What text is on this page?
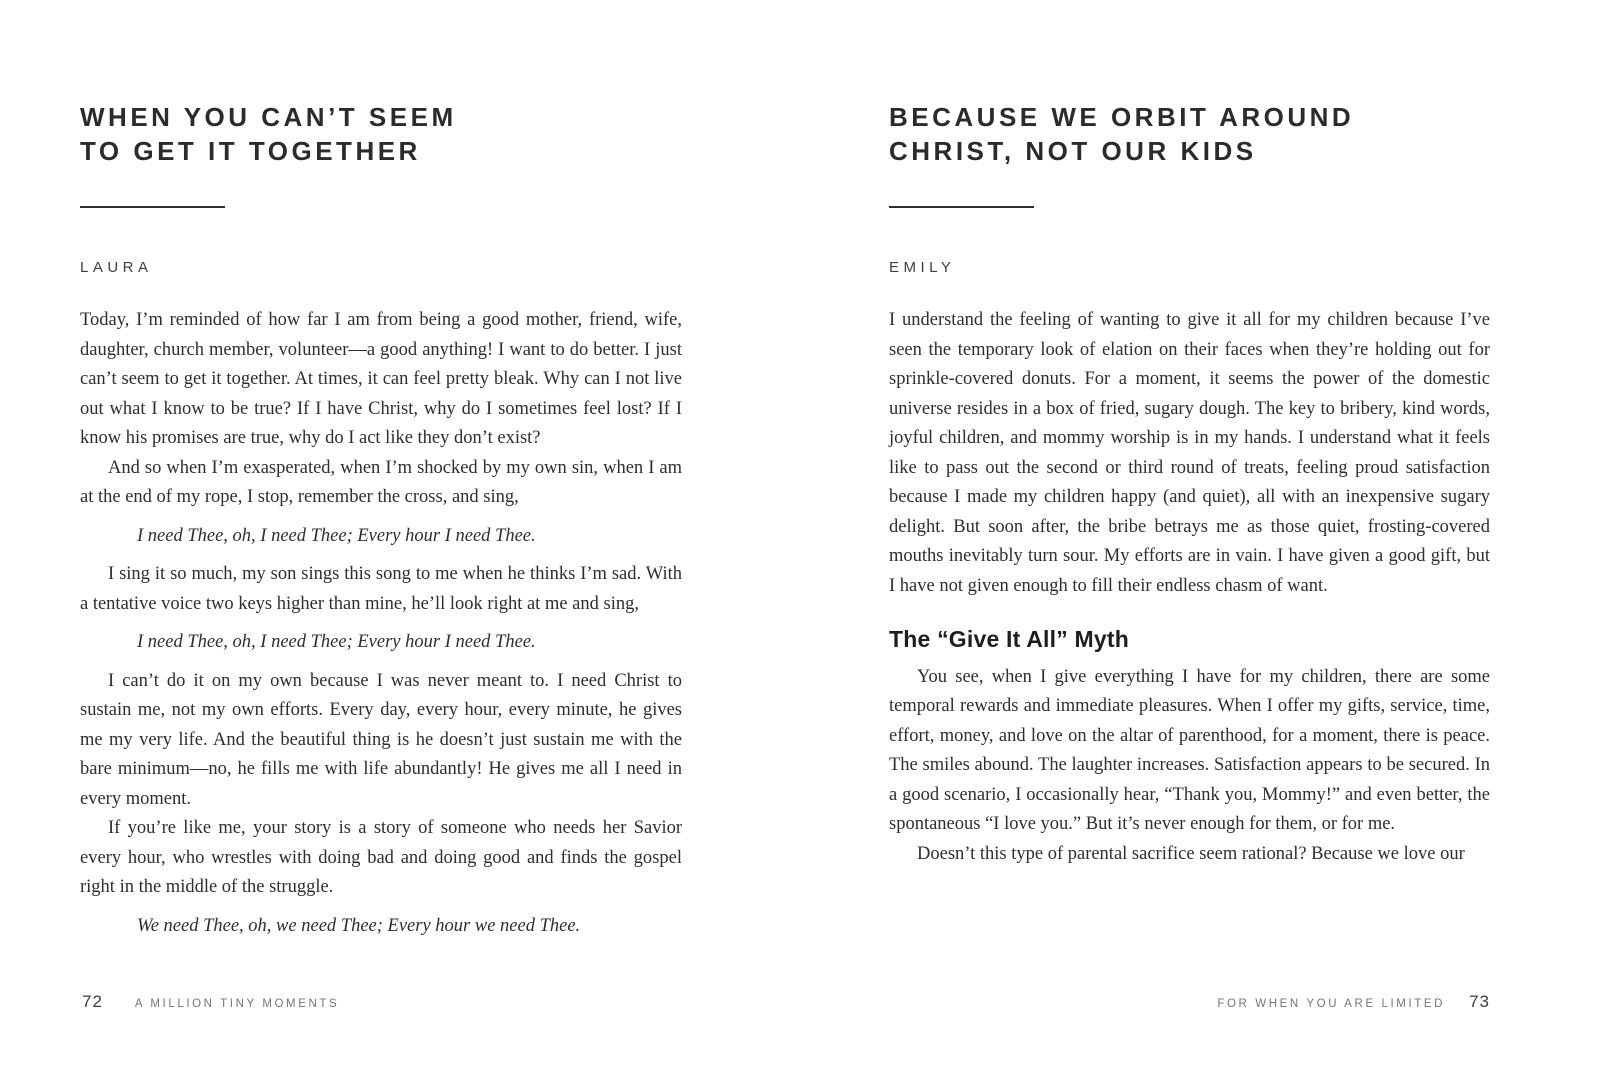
WHEN YOU CAN’T SEEM
TO GET IT TOGETHER
LAURA

Today, I’m reminded of how far I am from being a good mother, friend, wife, daughter, church member, volunteer—a good anything! I want to do better. I just can’t seem to get it together. At times, it can feel pretty bleak. Why can I not live out what I know to be true? If I have Christ, why do I sometimes feel lost? If I know his promises are true, why do I act like they don’t exist?

And so when I’m exasperated, when I’m shocked by my own sin, when I am at the end of my rope, I stop, remember the cross, and sing,

I need Thee, oh, I need Thee; Every hour I need Thee.

I sing it so much, my son sings this song to me when he thinks I’m sad. With a tentative voice two keys higher than mine, he’ll look right at me and sing,

I need Thee, oh, I need Thee; Every hour I need Thee.

I can’t do it on my own because I was never meant to. I need Christ to sustain me, not my own efforts. Every day, every hour, every minute, he gives me my very life. And the beautiful thing is he doesn’t just sustain me with the bare minimum—no, he fills me with life abundantly! He gives me all I need in every moment.

If you’re like me, your story is a story of someone who needs her Savior every hour, who wrestles with doing bad and doing good and finds the gospel right in the middle of the struggle.

We need Thee, oh, we need Thee; Every hour we need Thee.

72	A MILLION TINY MOMENTS
BECAUSE WE ORBIT AROUND
CHRIST, NOT OUR KIDS
EMILY

I understand the feeling of wanting to give it all for my children because I’ve seen the temporary look of elation on their faces when they’re holding out for sprinkle-covered donuts. For a moment, it seems the power of the domestic universe resides in a box of fried, sugary dough. The key to bribery, kind words, joyful children, and mommy worship is in my hands. I understand what it feels like to pass out the second or third round of treats, feeling proud satisfaction because I made my children happy (and quiet), all with an inexpensive sugary delight. But soon after, the bribe betrays me as those quiet, frosting-covered mouths inevitably turn sour. My efforts are in vain. I have given a good gift, but I have not given enough to fill their endless chasm of want.

The “Give It All” Myth

You see, when I give everything I have for my children, there are some temporal rewards and immediate pleasures. When I offer my gifts, service, time, effort, money, and love on the altar of parenthood, for a moment, there is peace. The smiles abound. The laughter increases. Satisfaction appears to be secured. In a good scenario, I occasionally hear, “Thank you, Mommy!” and even better, the spontaneous “I love you.” But it’s never enough for them, or for me.

Doesn’t this type of parental sacrifice seem rational? Because we love our

FOR WHEN YOU ARE LIMITED 73
